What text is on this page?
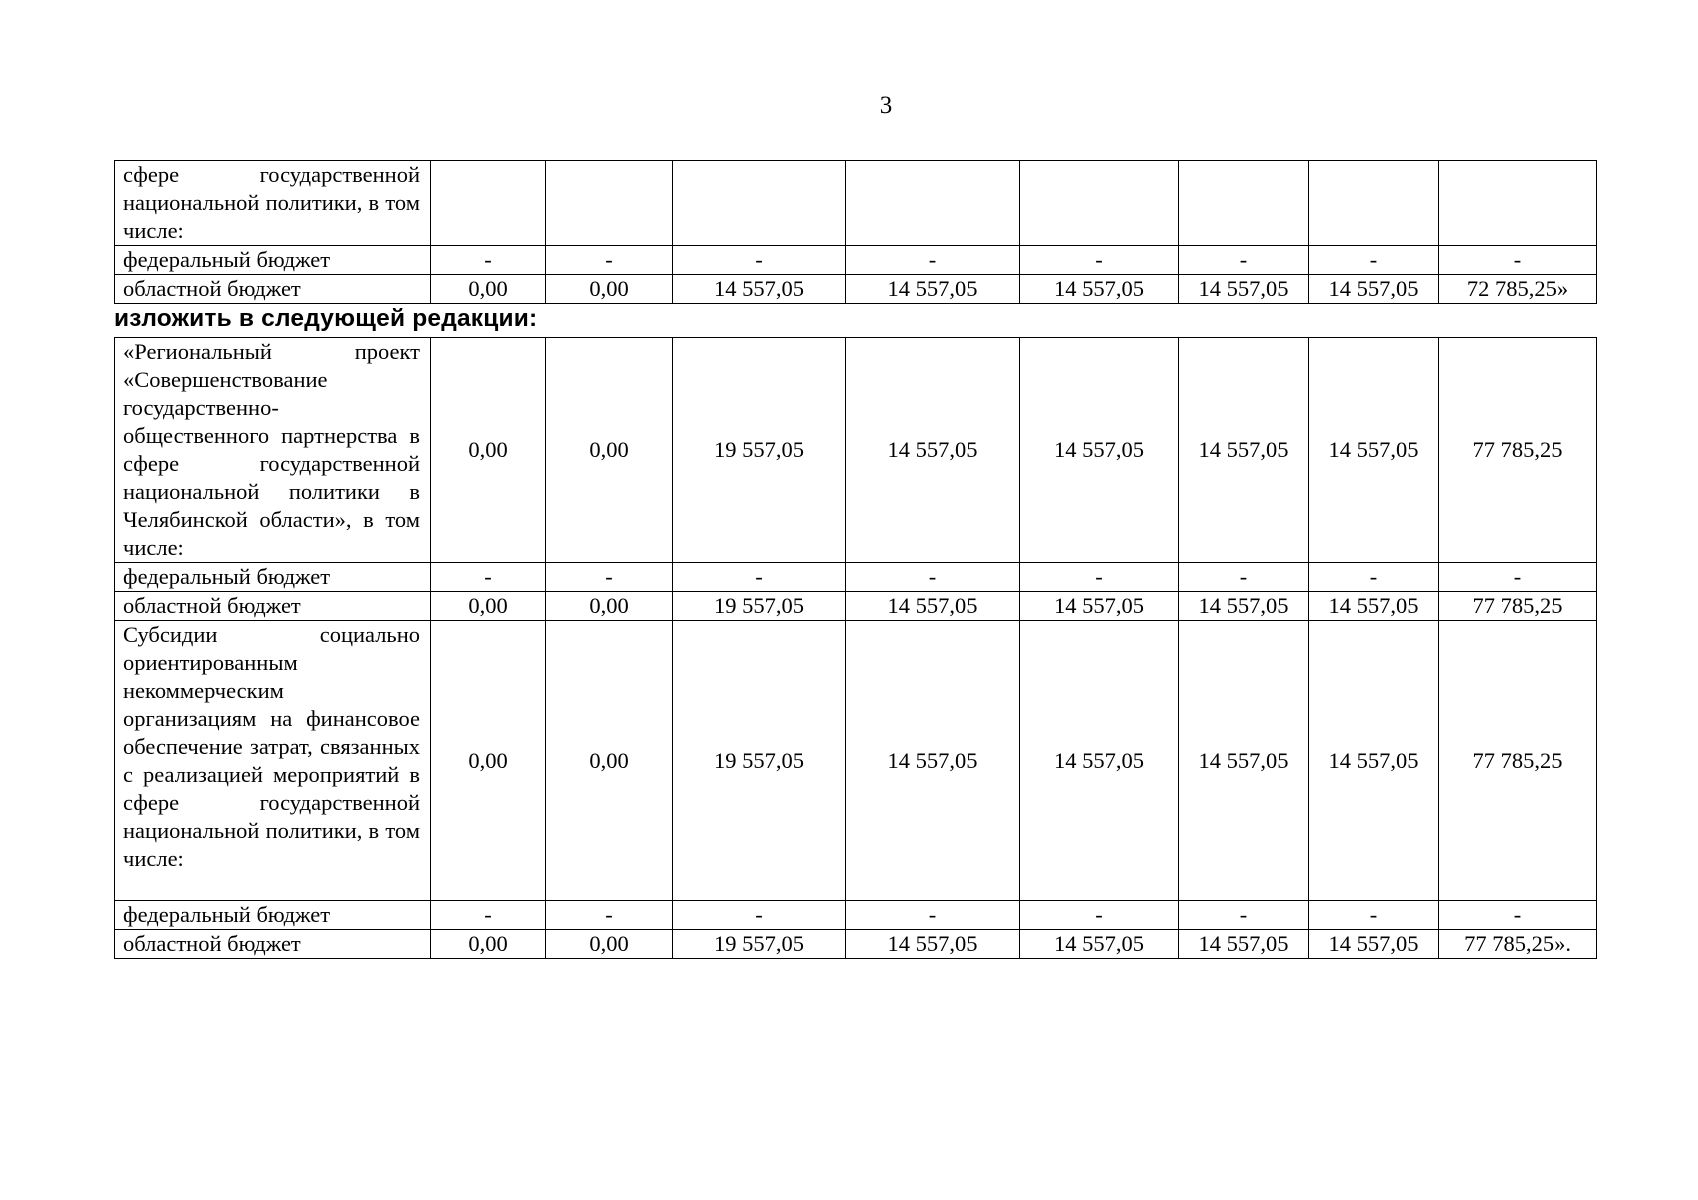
3
сфере государственной национальной политики, в том числе:								
федеральный бюджет	-	-	-	-	-	-	-	-
областной бюджет	0,00	0,00	14 557,05	14 557,05	14 557,05	14 557,05	14 557,05	72 785,25»
изложить в следующей редакции:
«Региональный проект «Совершенствование государственно-общественного партнерства в сфере государственной национальной политики в Челябинской области», в том числе:	0,00	0,00	19 557,05	14 557,05	14 557,05	14 557,05	14 557,05	77 785,25
федеральный бюджет	-	-	-	-	-	-	-	-
областной бюджет	0,00	0,00	19 557,05	14 557,05	14 557,05	14 557,05	14 557,05	77 785,25
Субсидии социально ориентированным некоммерческим организациям на финансовое обеспечение затрат, связанных с реализацией мероприятий в сфере государственной национальной политики, в том числе:	0,00	0,00	19 557,05	14 557,05	14 557,05	14 557,05	14 557,05	77 785,25
федеральный бюджет	-	-	-	-	-	-	-	-
областной бюджет	0,00	0,00	19 557,05	14 557,05	14 557,05	14 557,05	14 557,05	77 785,25».
